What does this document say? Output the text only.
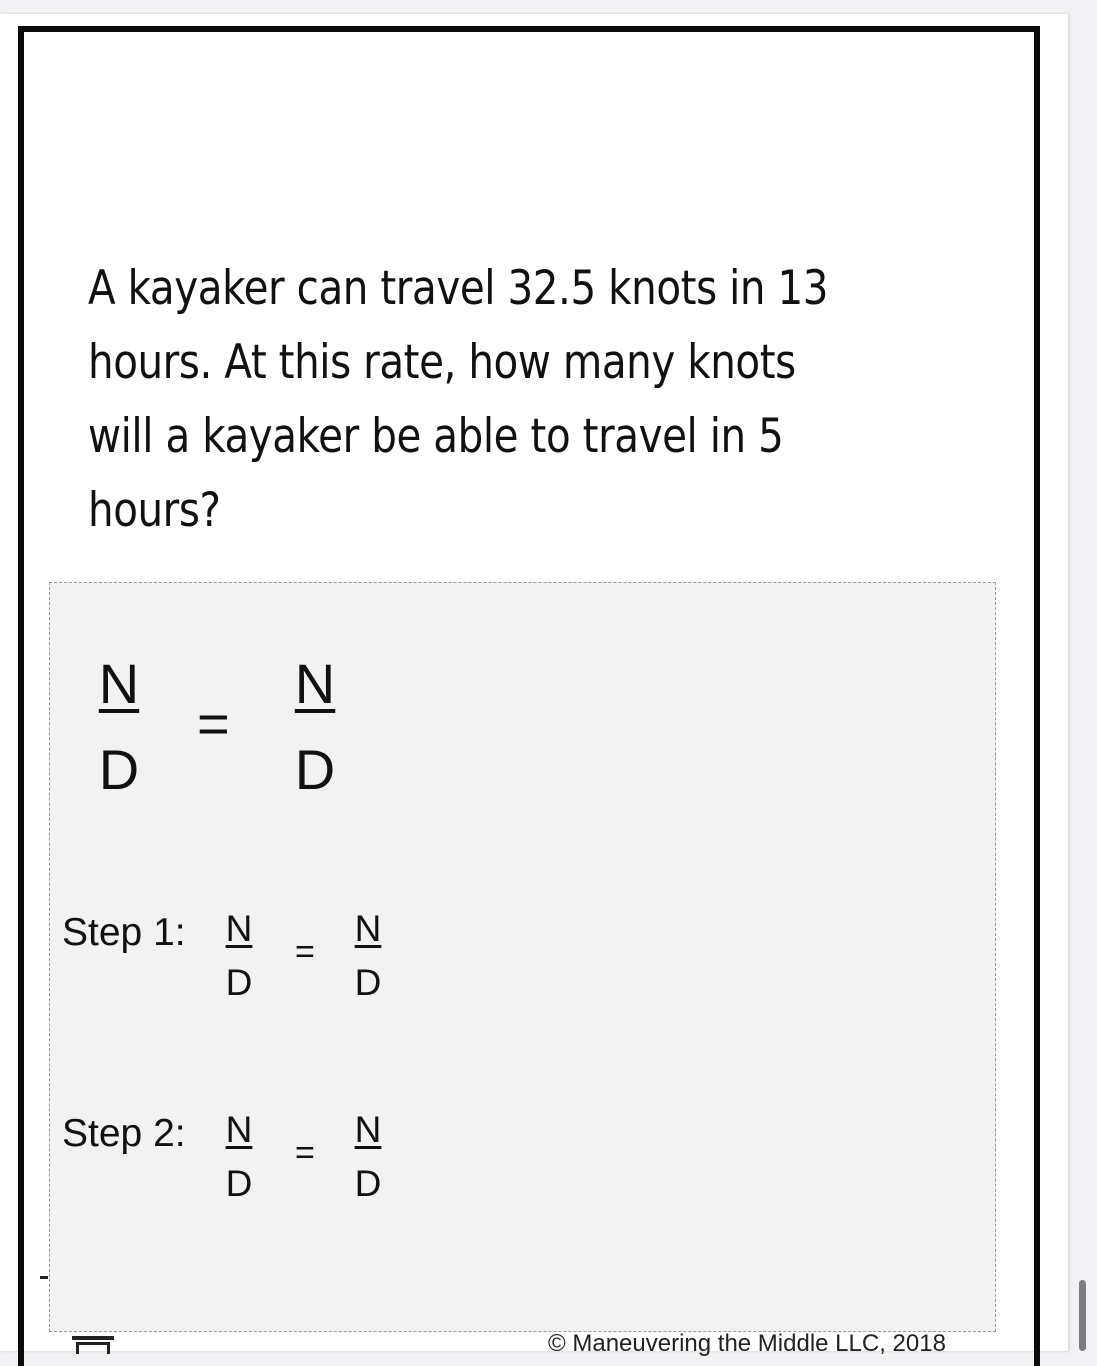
A kayaker can travel 32.5 knots in 13
hours. At this rate, how many knots
will a kayaker be able to travel in 5
hours?
$\frac{N}{D} = \frac{N}{D}$
Step 1: $\frac{N}{D} = \frac{N}{D}$
Step 2: $\frac{N}{D} = \frac{N}{D}$
© Maneuvering the Middle LLC, 2018
